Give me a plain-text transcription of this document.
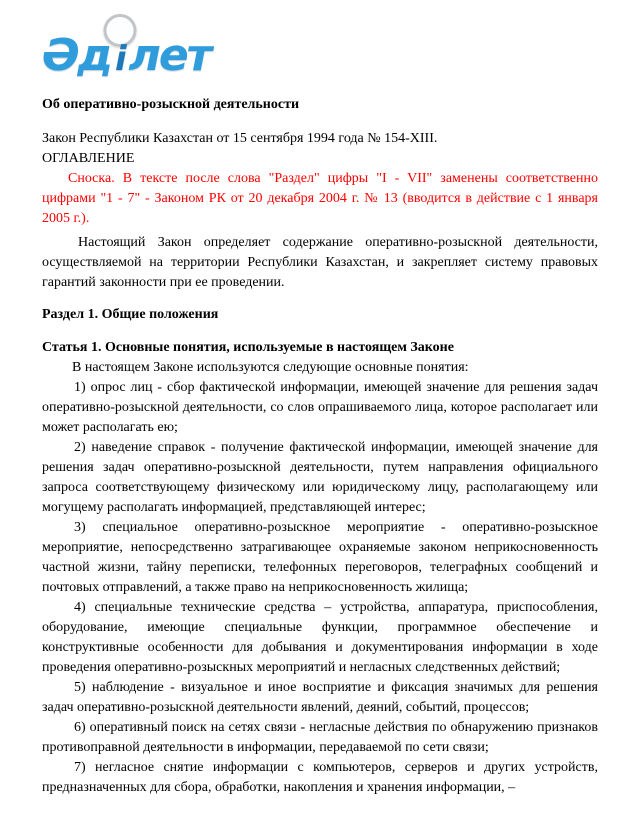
Әд ілет

Об оперативно-розыскной деятельности

Закон Республики Казахстан от 15 сентября 1994 года № 154-XIII.

ОГЛАВЛЕНИЕ

Сноска. В тексте после слова "Раздел" цифры "I - VII" заменены соответственно цифрами "1 - 7" - Законом РК от 20 декабря 2004 г. № 13 (вводится в действие с 1 января 2005 г.).

Настоящий Закон определяет содержание оперативно-розыскной деятельности, осуществляемой на территории Республики Казахстан, и закрепляет систему правовых гарантий законности при ее проведении.

Раздел 1. Общие положения

Статья 1. Основные понятия, используемые в настоящем Законе

В настоящем Законе используются следующие основные понятия:

1) опрос лиц - сбор фактической информации, имеющей значение для решения задач оперативно-розыскной деятельности, со слов опрашиваемого лица, которое располагает или может располагать ею;

2) наведение справок - получение фактической информации, имеющей значение для решения задач оперативно-розыскной деятельности, путем направления официального запроса соответствующему физическому или юридическому лицу, располагающему или могущему располагать информацией, представляющей интерес;

3) специальное оперативно-розыскное мероприятие - оперативно-розыскное мероприятие, непосредственно затрагивающее охраняемые законом неприкосновенность частной жизни, тайну переписки, телефонных переговоров, телеграфных сообщений и почтовых отправлений, а также право на неприкосновенность жилища;

4) специальные технические средства – устройства, аппаратура, приспособления, оборудование, имеющие специальные функции, программное обеспечение и конструктивные особенности для добывания и документирования информации в ходе проведения оперативно-розыскных мероприятий и негласных следственных действий;

5) наблюдение - визуальное и иное восприятие и фиксация значимых для решения задач оперативно-розыскной деятельности явлений, деяний, событий, процессов;

6) оперативный поиск на сетях связи - негласные действия по обнаружению признаков противоправной деятельности в информации, передаваемой по сети связи;

7) негласное снятие информации с компьютеров, серверов и других устройств, предназначенных для сбора, обработки, накопления и хранения информации, –
